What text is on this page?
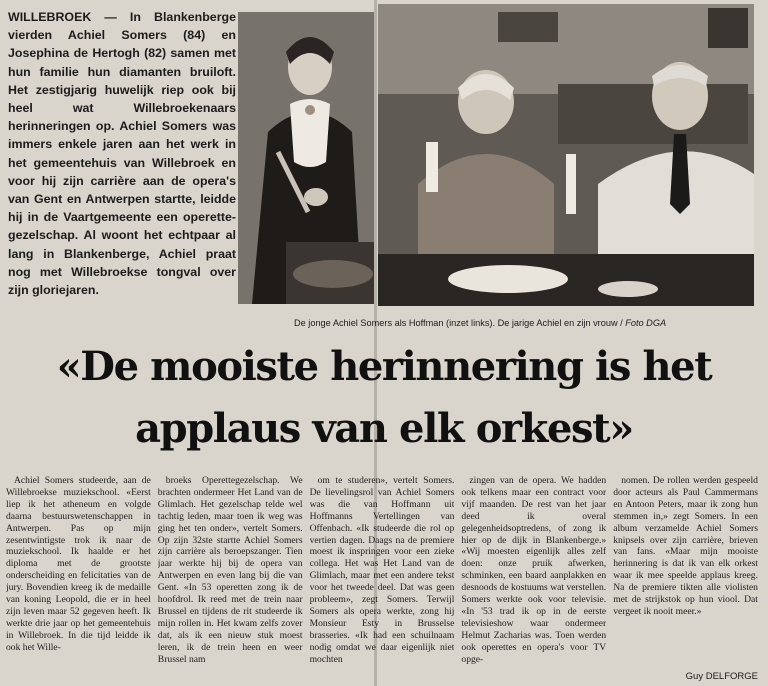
WILLEBROEK — In Blankenberge vierden Achiel Somers (84) en Josephina de Hertogh (82) samen met hun familie hun diamanten bruiloft. Het zestigjarig huwelijk riep ook bij heel wat Willebroekenaars herinneringen op. Achiel Somers was immers enkele jaren aan het werk in het gemeentehuis van Willebroek en voor hij zijn carrière aan de opera's van Gent en Antwerpen startte, leidde hij in de Vaartgemeente een operette-gezelschap. Al woont het echtpaar al lang in Blankenberge, Achiel praat nog met Willebroekse tongval over zijn gloriejaren.
De jonge Achiel Somers als Hoffman (inzet links). De jarige Achiel en zijn vrouw / Foto DGA
«De mooiste herinnering is het
applaus van elk orkest»

Achiel Somers studeerde, aan de Willebroekse muziekschool. «Eerst liep ik het atheneum en volgde daarna bestuurswetenschappen in Antwerpen. Pas op mijn zesentwintigste trok ik naar de muziekschool. Ik haalde er het diploma met de grootste onderscheiding en felicitaties van de jury. Bovendien kreeg ik de medaille van koning Leopold, die er in heel zijn leven maar 52 gegeven heeft. Ik werkte drie jaar op het gemeentehuis in Willebroek. In die tijd leidde ik ook het Wille-

broeks Operettegezelschap. We brachten ondermeer Het Land van de Glimlach. Het gezelschap telde wel tachtig leden, maar toen ik weg was ging het ten onder», vertelt Somers. Op zijn 32ste startte Achiel Somers zijn carrière als beroepszanger. Tien jaar werkte hij bij de opera van Antwerpen en even lang bij die van Gent. «In 53 operetten zong ik de hoofdrol. Ik reed met de trein naar Brussel en tijdens de rit studeerde ik mijn rollen in. Het kwam zelfs zover dat, als ik een nieuw stuk moest leren, ik de trein heen en weer Brussel nam

om te studeren», vertelt Somers. De lievelingsrol van Achiel Somers was die van Hoffmann uit Hoffmanns Vertellingen van Offenbach. «Ik studeerde die rol op vertien dagen. Daags na de premiere moest ik inspringen voor een zieke collega. Het was Het Land van de Glimlach, maar met een andere tekst voor het tweede deel. Dat was geen probleem», zegt Somers. Terwijl Somers als opera werkte, zong hij Monsieur Esty in Brusselse brasseries. «Ik had een schuilnaam nodig omdat we daar eigenlijk niet mochten

zingen van de opera. We hadden ook telkens maar een contract voor vijf maanden. De rest van het jaar deed ik overal gelegenheidsoptredens, of zong ik hier op de dijk in Blankenberge.» «Wij moesten eigenlijk alles zelf doen: onze pruik afwerken, schminken, een baard aanplakken en desnoods de kostuums wat verstellen. Somers werkte ook voor televisie. «In '53 trad ik op in de eerste televisieshow waar ondermeer Helmut Zacharias was. Toen werden ook operettes en opera's voor TV opge-

nomen. De rollen werden gespeeld door acteurs als Paul Cammermans en Antoon Peters, maar ik zong hun stemmen in,» zegt Somers. In een album verzamelde Achiel Somers knipsels over zijn carrière, brieven van fans. «Maar mijn mooiste herinnering is dat ik van elk orkest waar ik mee speelde applaus kreeg. Na de premiere tikten alle violisten met de strijkstok op hun viool. Dat vergeet ik nooit meer.»

Guy DELFORGE
